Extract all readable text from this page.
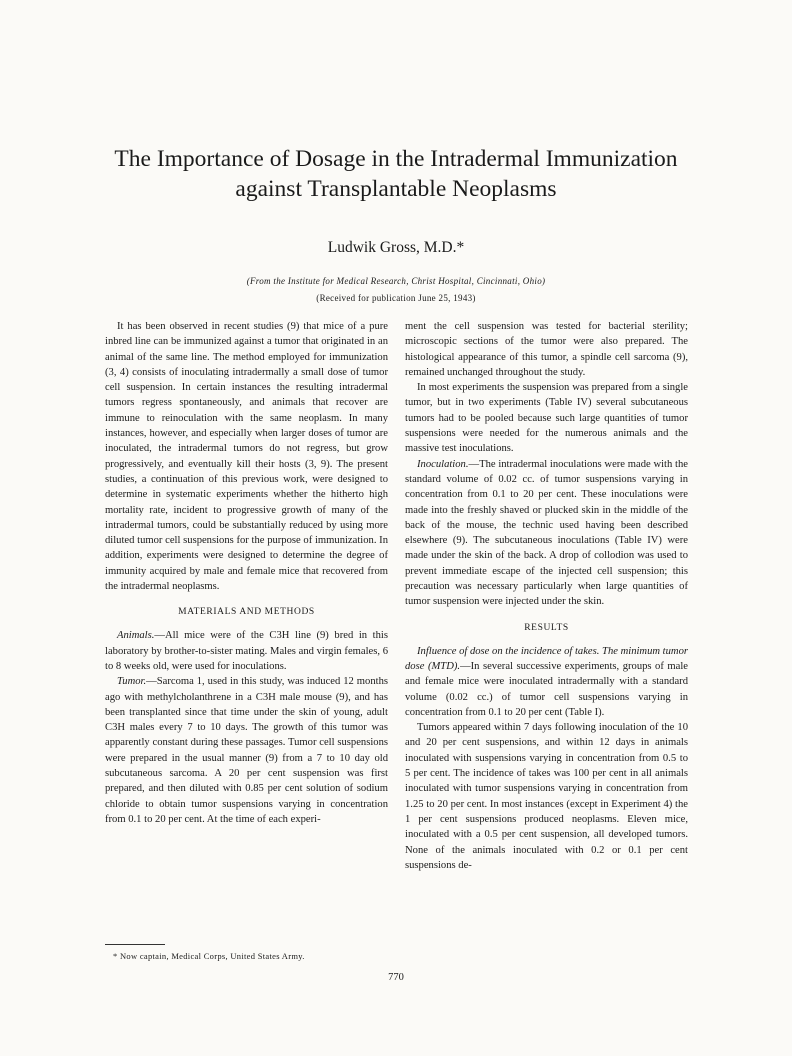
The Importance of Dosage in the Intradermal Immunization against Transplantable Neoplasms
Ludwik Gross, M.D.*
(From the Institute for Medical Research, Christ Hospital, Cincinnati, Ohio)
(Received for publication June 25, 1943)

It has been observed in recent studies (9) that mice of a pure inbred line can be immunized against a tumor that originated in an animal of the same line. The method employed for immunization (3, 4) consists of inoculating intradermally a small dose of tumor cell suspension. In certain instances the resulting intradermal tumors regress spontaneously, and animals that recover are immune to reinoculation with the same neoplasm. In many instances, however, and especially when larger doses of tumor are inoculated, the intradermal tumors do not regress, but grow progressively, and eventually kill their hosts (3, 9). The present studies, a continuation of this previous work, were designed to determine in systematic experiments whether the hitherto high mortality rate, incident to progressive growth of many of the intradermal tumors, could be substantially reduced by using more diluted tumor cell suspensions for the purpose of immunization. In addition, experiments were designed to determine the degree of immunity acquired by male and female mice that recovered from the intradermal neoplasms.

MATERIALS AND METHODS

Animals.—All mice were of the C3H line (9) bred in this laboratory by brother-to-sister mating. Males and virgin females, 6 to 8 weeks old, were used for inoculations.

Tumor.—Sarcoma 1, used in this study, was induced 12 months ago with methylcholanthrene in a C3H male mouse (9), and has been transplanted since that time under the skin of young, adult C3H males every 7 to 10 days. The growth of this tumor was apparently constant during these passages. Tumor cell suspensions were prepared in the usual manner (9) from a 7 to 10 day old subcutaneous sarcoma. A 20 per cent suspension was first prepared, and then diluted with 0.85 per cent solution of sodium chloride to obtain tumor suspensions varying in concentration from 0.1 to 20 per cent. At the time of each experi-

ment the cell suspension was tested for bacterial sterility; microscopic sections of the tumor were also prepared. The histological appearance of this tumor, a spindle cell sarcoma (9), remained unchanged throughout the study.

In most experiments the suspension was prepared from a single tumor, but in two experiments (Table IV) several subcutaneous tumors had to be pooled because such large quantities of tumor suspensions were needed for the numerous animals and the massive test inoculations.

Inoculation.—The intradermal inoculations were made with the standard volume of 0.02 cc. of tumor suspensions varying in concentration from 0.1 to 20 per cent. These inoculations were made into the freshly shaved or plucked skin in the middle of the back of the mouse, the technic used having been described elsewhere (9). The subcutaneous inoculations (Table IV) were made under the skin of the back. A drop of collodion was used to prevent immediate escape of the injected cell suspension; this precaution was necessary particularly when large quantities of tumor suspension were injected under the skin.

RESULTS

Influence of dose on the incidence of takes. The minimum tumor dose (MTD).—In several successive experiments, groups of male and female mice were inoculated intradermally with a standard volume (0.02 cc.) of tumor cell suspensions varying in concentration from 0.1 to 20 per cent (Table I).

Tumors appeared within 7 days following inoculation of the 10 and 20 per cent suspensions, and within 12 days in animals inoculated with suspensions varying in concentration from 0.5 to 5 per cent. The incidence of takes was 100 per cent in all animals inoculated with tumor suspensions varying in concentration from 1.25 to 20 per cent. In most instances (except in Experiment 4) the 1 per cent suspensions produced neoplasms. Eleven mice, inoculated with a 0.5 per cent suspension, all developed tumors. None of the animals inoculated with 0.2 or 0.1 per cent suspensions de-

* Now captain, Medical Corps, United States Army.
770
